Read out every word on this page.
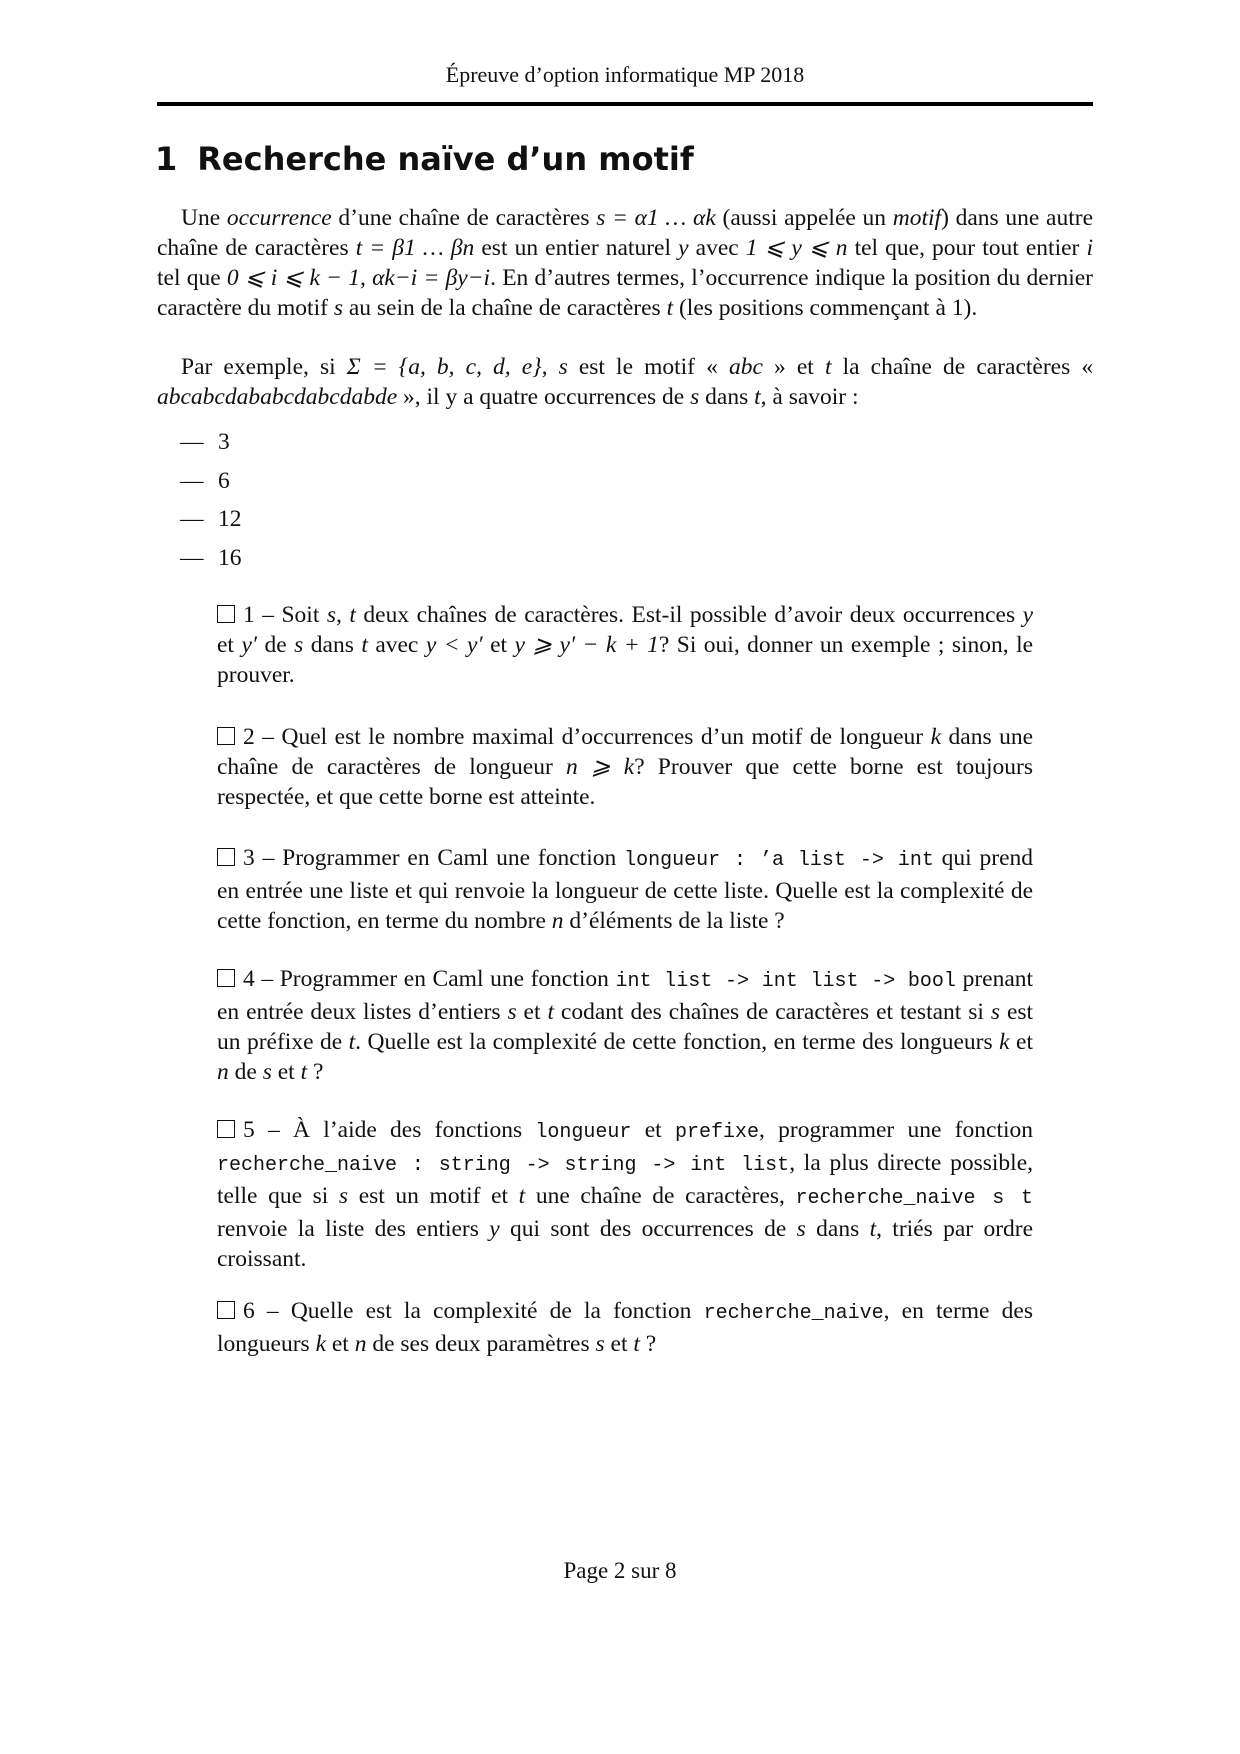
Épreuve d’option informatique MP 2018
1 Recherche naïve d’un motif
Une occurrence d’une chaîne de caractères s = α1 … αk (aussi appelée un motif) dans une autre chaîne de caractères t = β1 … βn est un entier naturel y avec 1 ⩽ y ⩽ n tel que, pour tout entier i tel que 0 ⩽ i ⩽ k − 1, αk−i = βy−i. En d’autres termes, l’occurrence indique la position du dernier caractère du motif s au sein de la chaîne de caractères t (les positions commençant à 1).
Par exemple, si Σ = {a, b, c, d, e}, s est le motif « abc » et t la chaîne de caractères « abcabcdababcdabcdabde », il y a quatre occurrences de s dans t, à savoir :
— 3
— 6
— 12
— 16
1 – Soit s, t deux chaînes de caractères. Est-il possible d’avoir deux occurrences y et y′ de s dans t avec y < y′ et y ⩾ y′ − k + 1? Si oui, donner un exemple ; sinon, le prouver.
2 – Quel est le nombre maximal d’occurrences d’un motif de longueur k dans une chaîne de caractères de longueur n ⩾ k? Prouver que cette borne est toujours respectée, et que cette borne est atteinte.
3 – Programmer en Caml une fonction longueur : ’a list -> int qui prend en entrée une liste et qui renvoie la longueur de cette liste. Quelle est la complexité de cette fonction, en terme du nombre n d’éléments de la liste ?
4 – Programmer en Caml une fonction int list -> int list -> bool prenant en entrée deux listes d’entiers s et t codant des chaînes de caractères et testant si s est un préfixe de t. Quelle est la complexité de cette fonction, en terme des longueurs k et n de s et t ?
5 – À l’aide des fonctions longueur et prefixe, programmer une fonction recherche_naive : string -> string -> int list, la plus directe possible, telle que si s est un motif et t une chaîne de caractères, recherche_naive s t renvoie la liste des entiers y qui sont des occurrences de s dans t, triés par ordre croissant.
6 – Quelle est la complexité de la fonction recherche_naive, en terme des longueurs k et n de ses deux paramètres s et t ?
Page 2 sur 8
